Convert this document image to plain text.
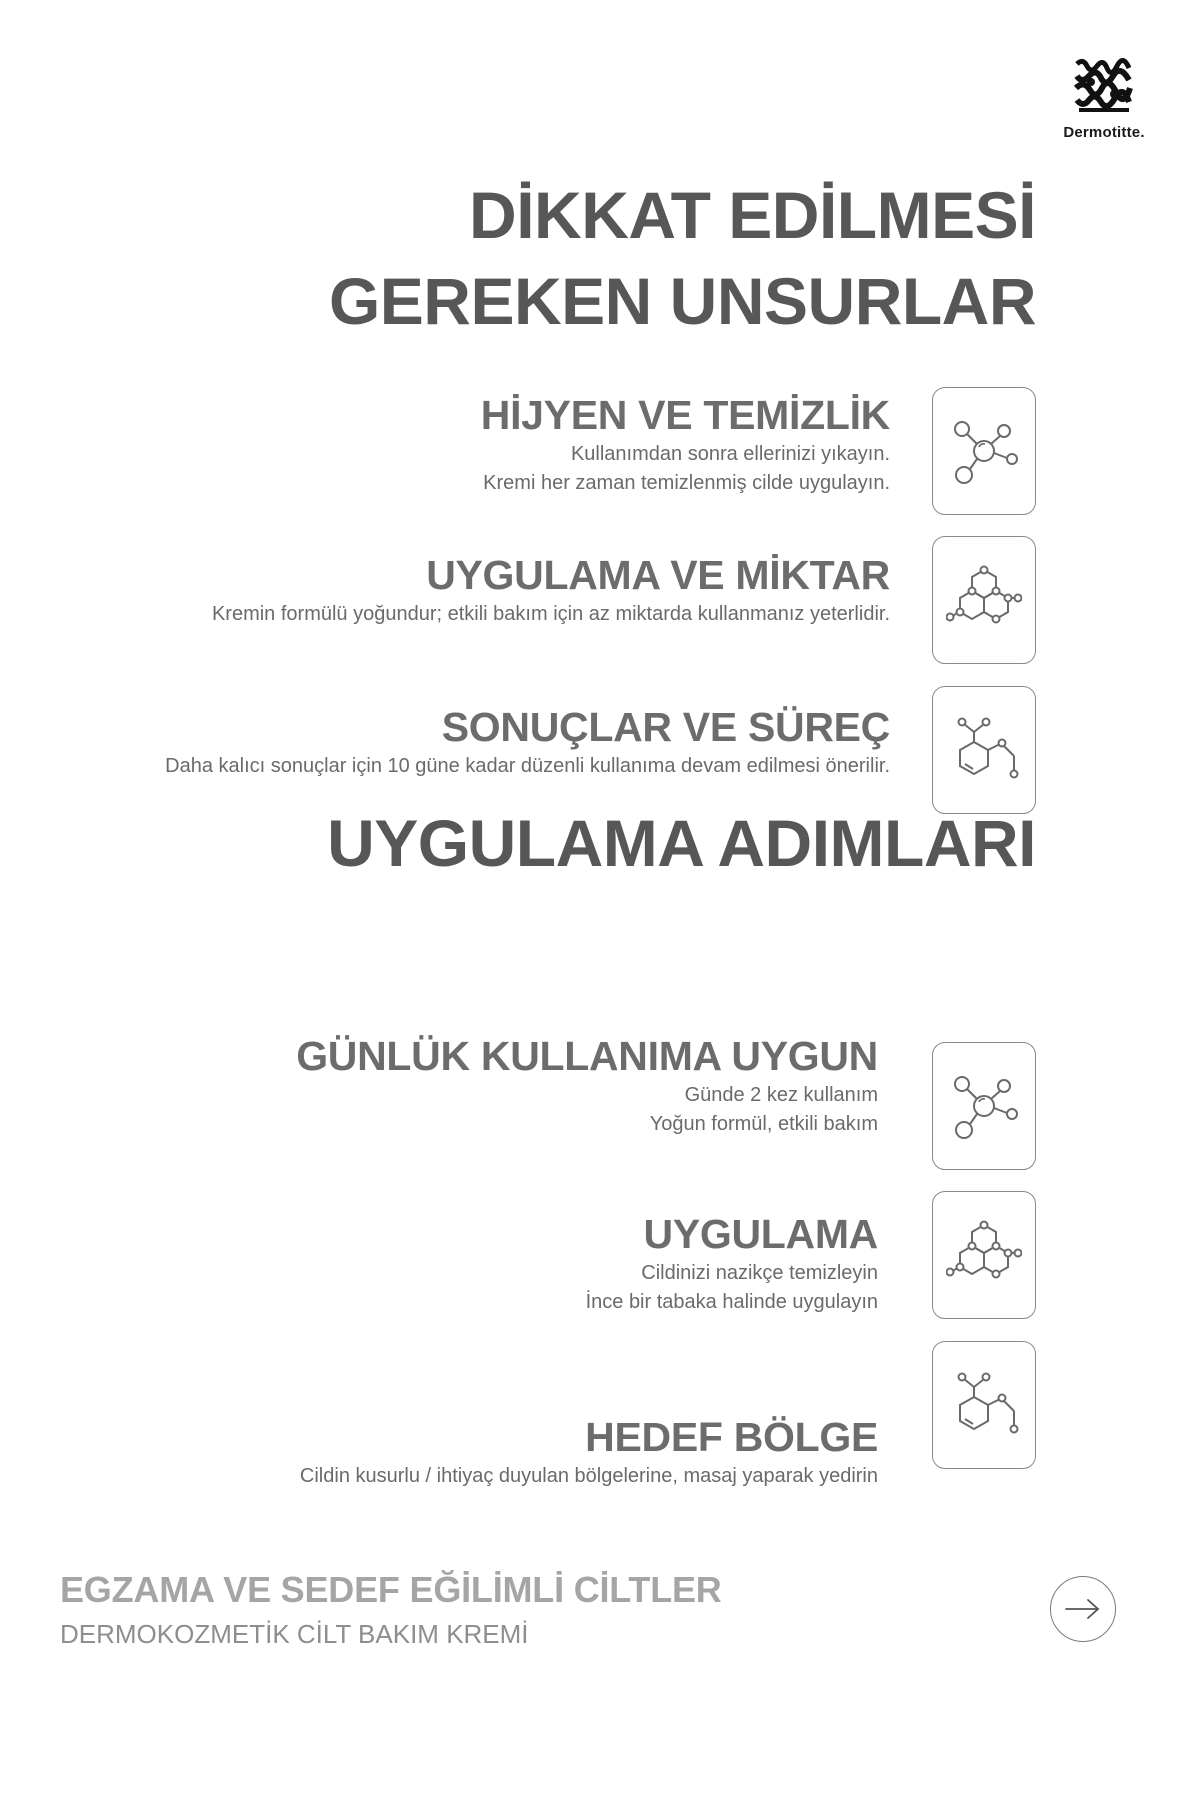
Dermotitte.
DİKKAT EDİLMESİ
GEREKEN UNSURLAR
HİJYEN VE TEMİZLİK
Kullanımdan sonra ellerinizi yıkayın.
Kremi her zaman temizlenmiş cilde uygulayın.
UYGULAMA VE MİKTAR
Kremin formülü yoğundur; etkili bakım için az miktarda kullanmanız yeterlidir.
SONUÇLAR VE SÜREÇ
Daha kalıcı sonuçlar için 10 güne kadar düzenli kullanıma devam edilmesi önerilir.
UYGULAMA ADIMLARI
GÜNLÜK KULLANIMA UYGUN
Günde 2 kez kullanım
Yoğun formül, etkili bakım
UYGULAMA
Cildinizi nazikçe temizleyin
İnce bir tabaka halinde uygulayın
HEDEF BÖLGE
Cildin kusurlu / ihtiyaç duyulan bölgelerine, masaj yaparak yedirin
EGZAMA VE SEDEF EĞİLİMLİ CİLTLER
DERMOKOZMETİK CİLT BAKIM KREMİ
